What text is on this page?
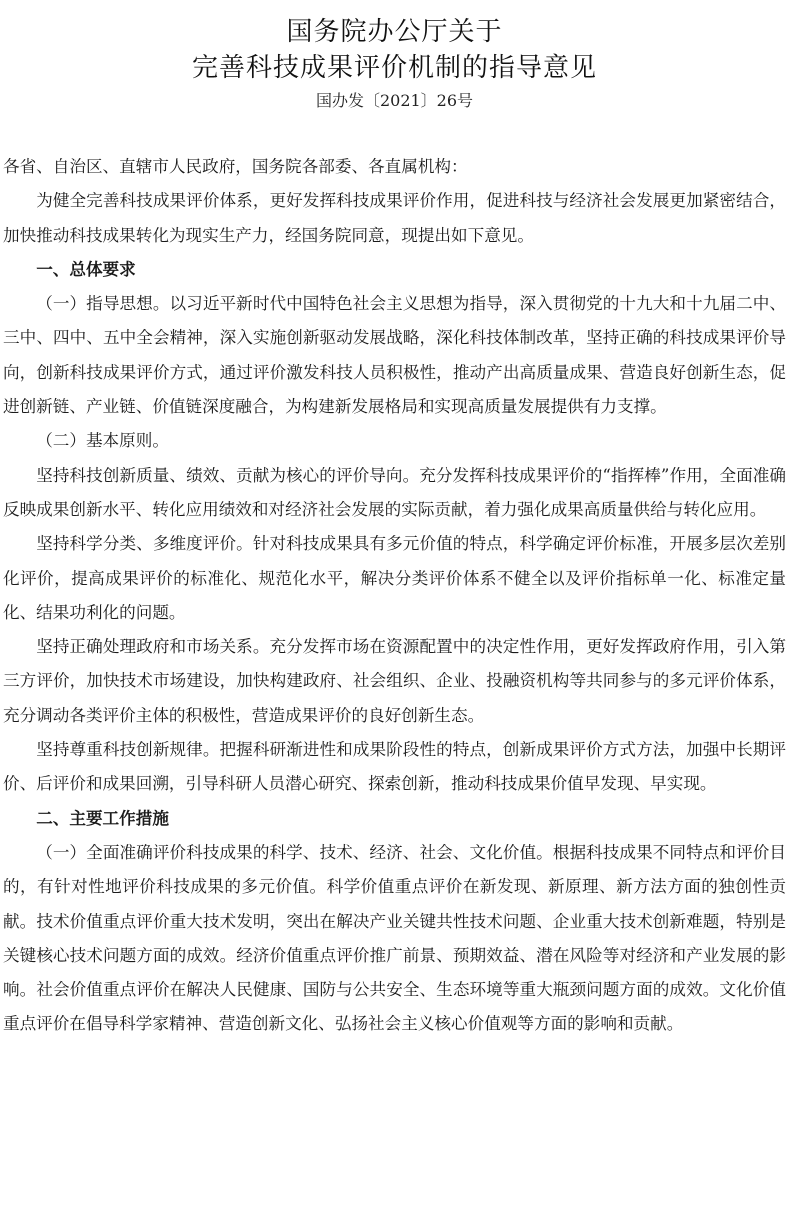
国务院办公厅关于
完善科技成果评价机制的指导意见
国办发〔2021〕26号

各省、自治区、直辖市人民政府，国务院各部委、各直属机构：

为健全完善科技成果评价体系，更好发挥科技成果评价作用，促进科技与经济社会发展更加紧密结合，加快推动科技成果转化为现实生产力，经国务院同意，现提出如下意见。

一、总体要求

（一）指导思想。以习近平新时代中国特色社会主义思想为指导，深入贯彻党的十九大和十九届二中、三中、四中、五中全会精神，深入实施创新驱动发展战略，深化科技体制改革，坚持正确的科技成果评价导向，创新科技成果评价方式，通过评价激发科技人员积极性，推动产出高质量成果、营造良好创新生态，促进创新链、产业链、价值链深度融合，为构建新发展格局和实现高质量发展提供有力支撑。

（二）基本原则。

坚持科技创新质量、绩效、贡献为核心的评价导向。充分发挥科技成果评价的“指挥棒”作用，全面准确反映成果创新水平、转化应用绩效和对经济社会发展的实际贡献，着力强化成果高质量供给与转化应用。

坚持科学分类、多维度评价。针对科技成果具有多元价值的特点，科学确定评价标准，开展多层次差别化评价，提高成果评价的标准化、规范化水平，解决分类评价体系不健全以及评价指标单一化、标准定量化、结果功利化的问题。

坚持正确处理政府和市场关系。充分发挥市场在资源配置中的决定性作用，更好发挥政府作用，引入第三方评价，加快技术市场建设，加快构建政府、社会组织、企业、投融资机构等共同参与的多元评价体系，充分调动各类评价主体的积极性，营造成果评价的良好创新生态。

坚持尊重科技创新规律。把握科研渐进性和成果阶段性的特点，创新成果评价方式方法，加强中长期评价、后评价和成果回溯，引导科研人员潜心研究、探索创新，推动科技成果价值早发现、早实现。

二、主要工作措施

（一）全面准确评价科技成果的科学、技术、经济、社会、文化价值。根据科技成果不同特点和评价目的，有针对性地评价科技成果的多元价值。科学价值重点评价在新发现、新原理、新方法方面的独创性贡献。技术价值重点评价重大技术发明，突出在解决产业关键共性技术问题、企业重大技术创新难题，特别是关键核心技术问题方面的成效。经济价值重点评价推广前景、预期效益、潜在风险等对经济和产业发展的影响。社会价值重点评价在解决人民健康、国防与公共安全、生态环境等重大瓶颈问题方面的成效。文化价值重点评价在倡导科学家精神、营造创新文化、弘扬社会主义核心价值观等方面的影响和贡献。
